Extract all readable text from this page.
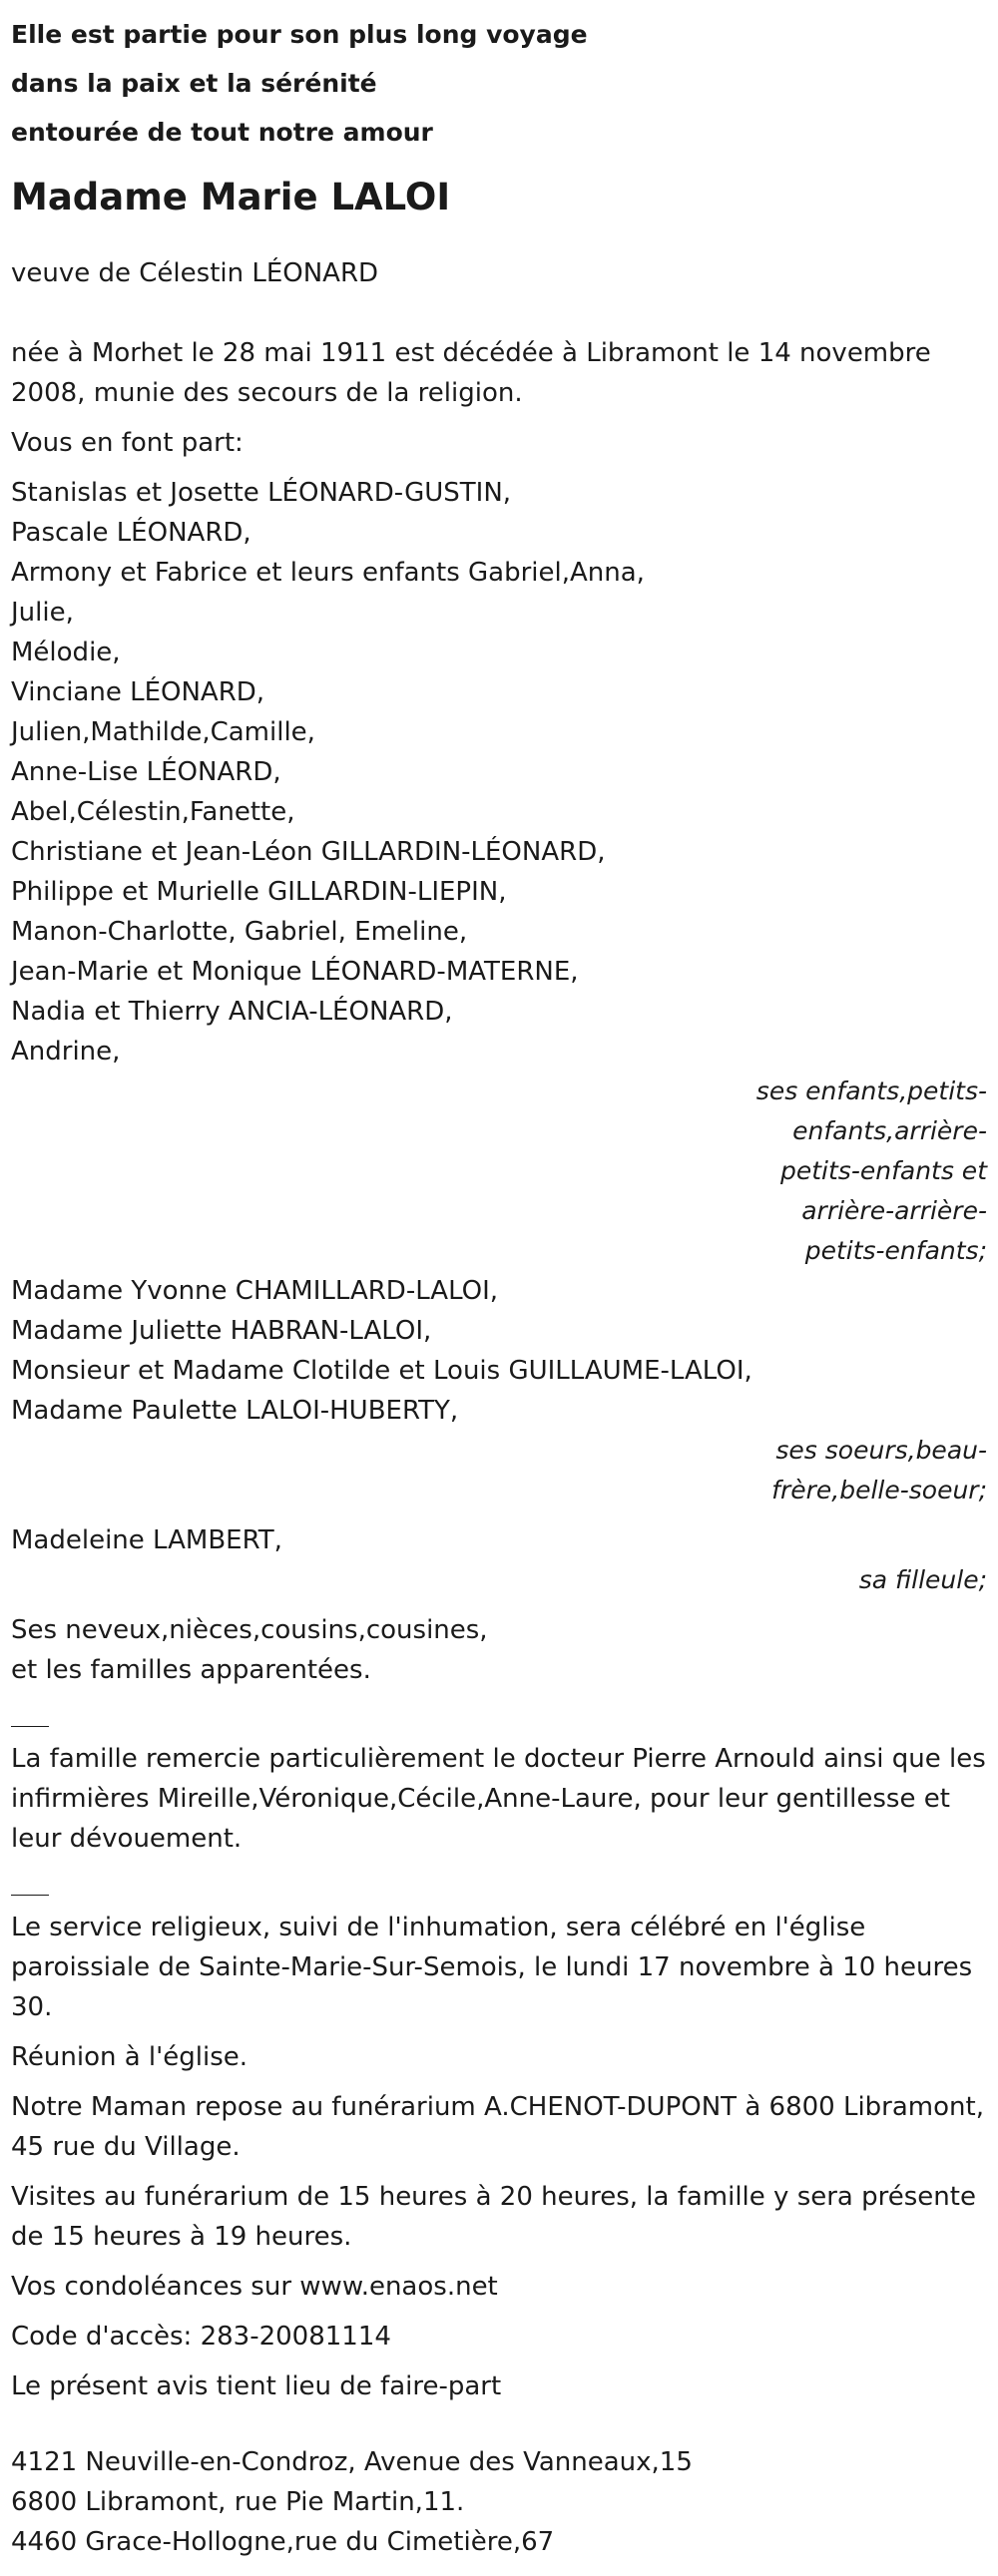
Elle est partie pour son plus long voyage
dans la paix et la sérénité
entourée de tout notre amour
Madame Marie LALOI

veuve de Célestin LÉONARD

née à Morhet le 28 mai 1911 est décédée à Libramont le 14 novembre 2008, munie des secours de la religion.

Vous en font part:

Stanislas et Josette LÉONARD-GUSTIN,
Pascale LÉONARD,
Armony et Fabrice et leurs enfants Gabriel,Anna,
Julie,
Mélodie,
Vinciane LÉONARD,
Julien,Mathilde,Camille,
Anne-Lise LÉONARD,
Abel,Célestin,Fanette,
Christiane et Jean-Léon GILLARDIN-LÉONARD,
Philippe et Murielle GILLARDIN-LIEPIN,
Manon-Charlotte, Gabriel, Emeline,
Jean-Marie et Monique LÉONARD-MATERNE,
Nadia et Thierry ANCIA-LÉONARD,
Andrine,
ses enfants,petits-enfants,arrière-petits-enfants et arrière-arrière-petits-enfants;
Madame Yvonne CHAMILLARD-LALOI,
Madame Juliette HABRAN-LALOI,
Monsieur et Madame Clotilde et Louis GUILLAUME-LALOI,
Madame Paulette LALOI-HUBERTY,
ses soeurs,beau-frère,belle-soeur;

Madeleine LAMBERT,

sa filleule;
Ses neveux,nièces,cousins,cousines,
et les familles apparentées.

La famille remercie particulièrement le docteur Pierre Arnould ainsi que les infirmières Mireille,Véronique,Cécile,Anne-Laure, pour leur gentillesse et leur dévouement.

Le service religieux, suivi de l'inhumation, sera célébré en l'église paroissiale de Sainte-Marie-Sur-Semois, le lundi 17 novembre à 10 heures 30.

Réunion à l'église.

Notre Maman repose au funérarium A.CHENOT-DUPONT à 6800 Libramont, 45 rue du Village.

Visites au funérarium de 15 heures à 20 heures, la famille y sera présente de 15 heures à 19 heures.

Vos condoléances sur www.enaos.net

Code d'accès: 283-20081114

Le présent avis tient lieu de faire-part

4121 Neuville-en-Condroz, Avenue des Vanneaux,15
6800 Libramont, rue Pie Martin,11.
4460 Grace-Hollogne,rue du Cimetière,67
